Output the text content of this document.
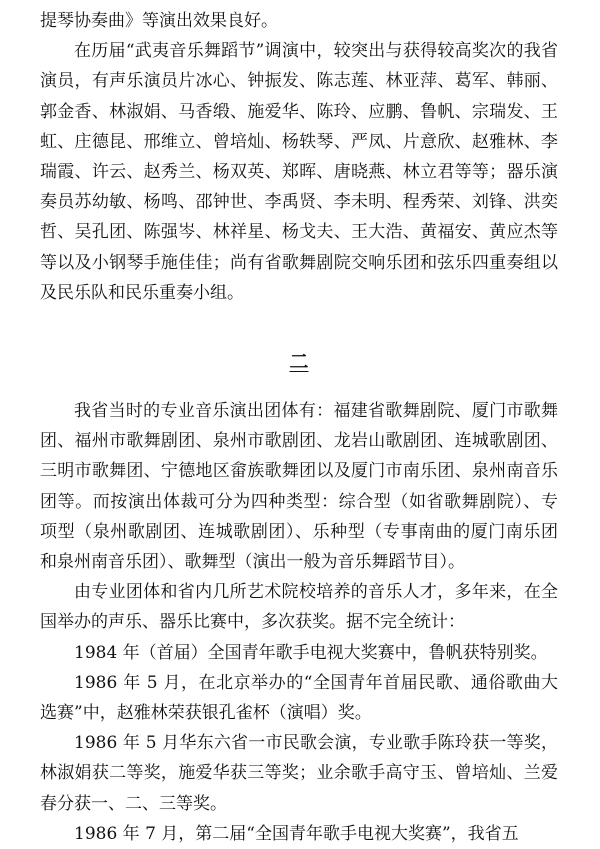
提琴协奏曲》等演出效果良好。

在历届“武夷音乐舞蹈节”调演中，较突出与获得较高奖次的我省演员，有声乐演员片冰心、钟振发、陈志莲、林亚萍、葛军、韩丽、郭金香、林淑娟、马香缎、施爱华、陈玲、应鹏、鲁帆、宗瑞发、王虹、庄德昆、邢维立、曾培灿、杨轶琴、严凤、片意欣、赵雅林、李瑞霞、许云、赵秀兰、杨双英、郑晖、唐晓燕、林立君等等；器乐演奏员苏幼敏、杨鸣、邵钟世、李禹贤、李未明、程秀荣、刘锋、洪奕哲、吴孔团、陈强岑、林祥星、杨戈夫、王大浩、黄福安、黄应杰等等以及小钢琴手施佳佳；尚有省歌舞剧院交响乐团和弦乐四重奏组以及民乐队和民乐重奏小组。

二

我省当时的专业音乐演出团体有：福建省歌舞剧院、厦门市歌舞团、福州市歌舞剧团、泉州市歌剧团、龙岩山歌剧团、连城歌剧团、三明市歌舞团、宁德地区畲族歌舞团以及厦门市南乐团、泉州南音乐团等。而按演出体裁可分为四种类型：综合型（如省歌舞剧院）、专项型（泉州歌剧团、连城歌剧团）、乐种型（专事南曲的厦门南乐团和泉州南音乐团）、歌舞型（演出一般为音乐舞蹈节目）。

由专业团体和省内几所艺术院校培养的音乐人才，多年来，在全国举办的声乐、器乐比赛中，多次获奖。据不完全统计：

1984 年（首届）全国青年歌手电视大奖赛中，鲁帆获特别奖。

1986 年 5 月，在北京举办的“全国青年首届民歌、通俗歌曲大选赛”中，赵雅林荣获银孔雀杯（演唱）奖。

1986 年 5 月华东六省一市民歌会演，专业歌手陈玲获一等奖，林淑娟获二等奖，施爱华获三等奖；业余歌手高守玉、曾培灿、兰爱春分获一、二、三等奖。

1986 年 7 月，第二届“全国青年歌手电视大奖赛”，我省五
